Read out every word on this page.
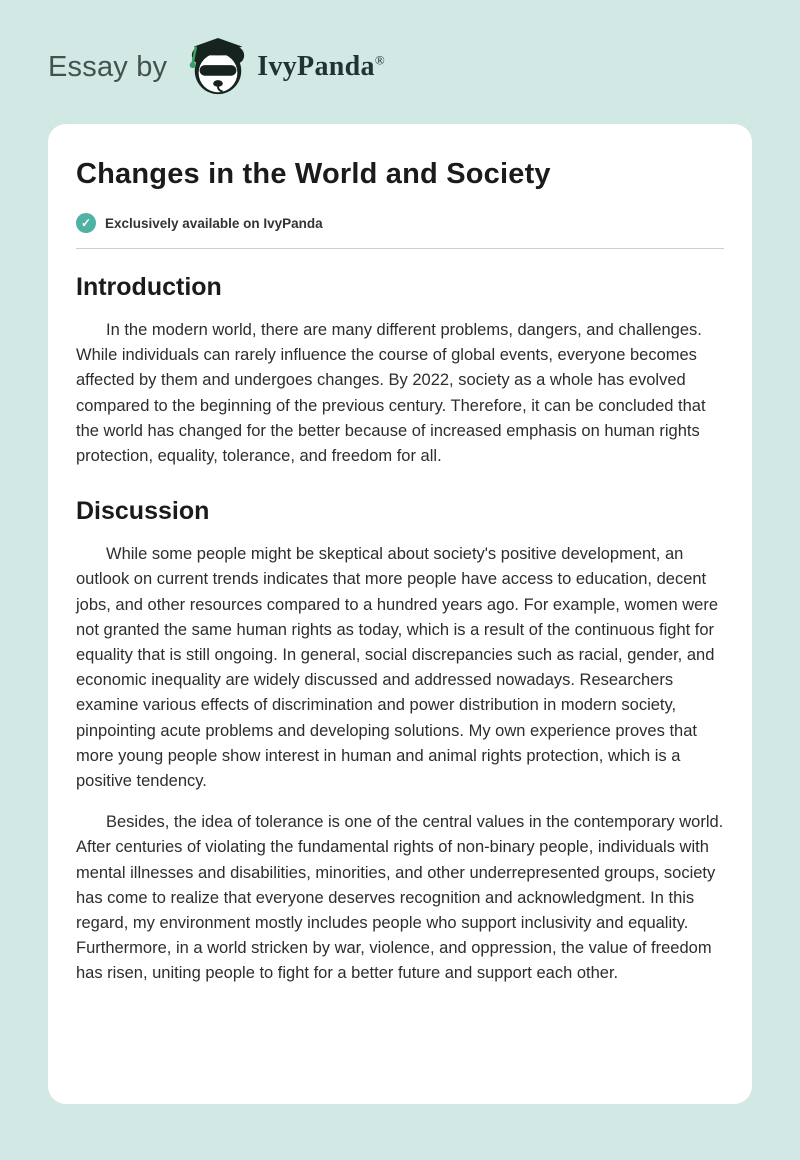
Essay by	IvyPanda®
Changes in the World and Society
✓	Exclusively available on IvyPanda
Introduction

In the modern world, there are many different problems, dangers, and challenges. While individuals can rarely influence the course of global events, everyone becomes affected by them and undergoes changes. By 2022, society as a whole has evolved compared to the beginning of the previous century. Therefore, it can be concluded that the world has changed for the better because of increased emphasis on human rights protection, equality, tolerance, and freedom for all.

Discussion

While some people might be skeptical about society's positive development, an outlook on current trends indicates that more people have access to education, decent jobs, and other resources compared to a hundred years ago. For example, women were not granted the same human rights as today, which is a result of the continuous fight for equality that is still ongoing. In general, social discrepancies such as racial, gender, and economic inequality are widely discussed and addressed nowadays. Researchers examine various effects of discrimination and power distribution in modern society, pinpointing acute problems and developing solutions. My own experience proves that more young people show interest in human and animal rights protection, which is a positive tendency.

Besides, the idea of tolerance is one of the central values in the contemporary world. After centuries of violating the fundamental rights of non-binary people, individuals with mental illnesses and disabilities, minorities, and other underrepresented groups, society has come to realize that everyone deserves recognition and acknowledgment. In this regard, my environment mostly includes people who support inclusivity and equality. Furthermore, in a world stricken by war, violence, and oppression, the value of freedom has risen, uniting people to fight for a better future and support each other.
